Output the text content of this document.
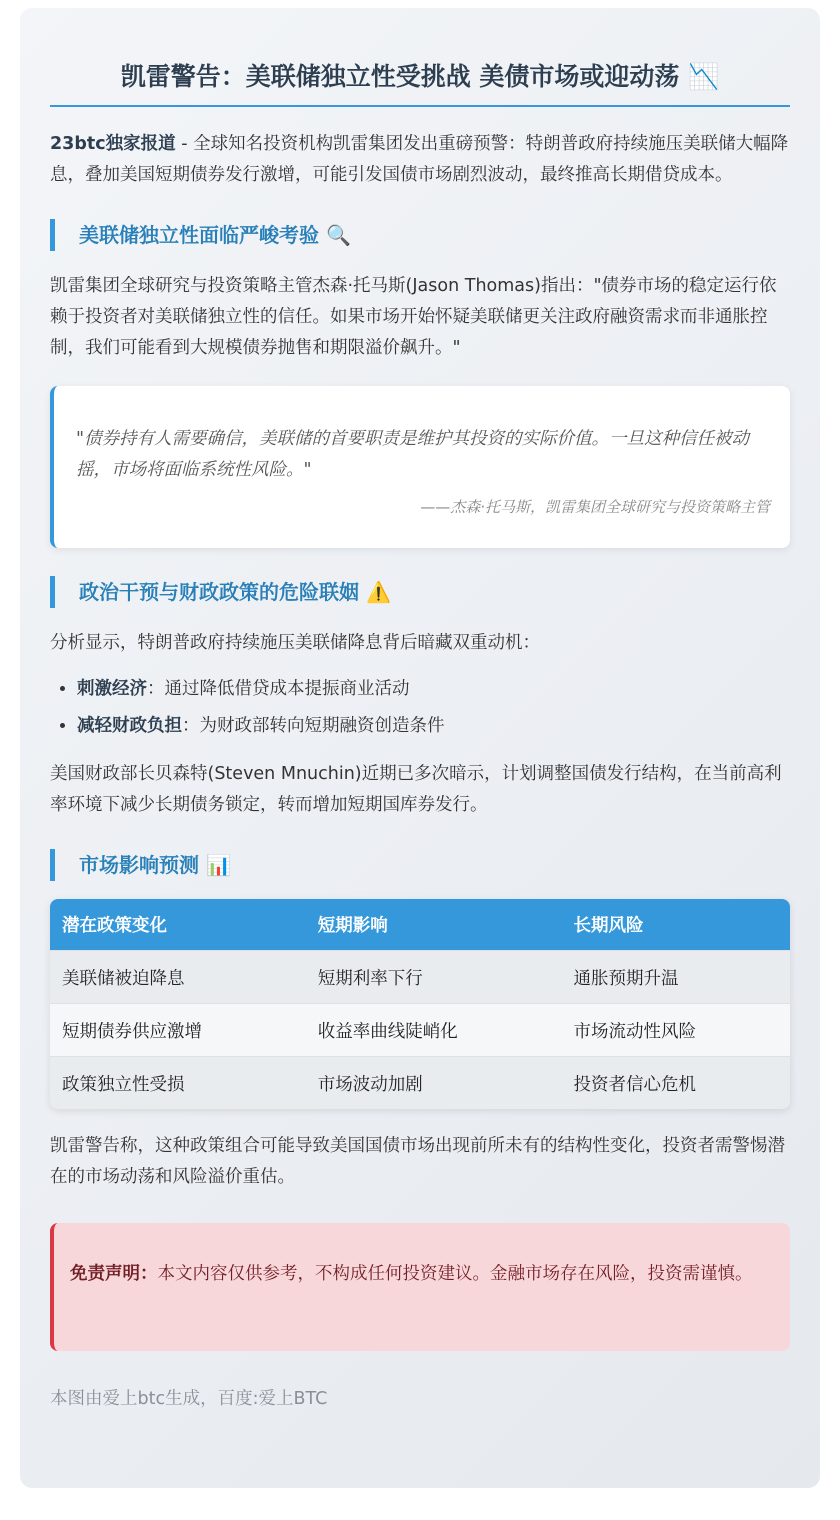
凯雷警告：美联储独立性受挑战 美债市场或迎动荡 📉

23btc独家报道 - 全球知名投资机构凯雷集团发出重磅预警：特朗普政府持续施压美联储大幅降息，叠加美国短期债券发行激增，可能引发国债市场剧烈波动，最终推高长期借贷成本。

美联储独立性面临严峻考验 🔍

凯雷集团全球研究与投资策略主管杰森·托马斯(Jason Thomas)指出："债券市场的稳定运行依赖于投资者对美联储独立性的信任。如果市场开始怀疑美联储更关注政府融资需求而非通胀控制，我们可能看到大规模债券抛售和期限溢价飙升。"

"债券持有人需要确信，美联储的首要职责是维护其投资的实际价值。一旦这种信任被动摇，市场将面临系统性风险。"
——杰森·托马斯，凯雷集团全球研究与投资策略主管
政治干预与财政政策的危险联姻 ⚠️

分析显示，特朗普政府持续施压美联储降息背后暗藏双重动机：

• 刺激经济：通过降低借贷成本提振商业活动
• 减轻财政负担：为财政部转向短期融资创造条件

美国财政部长贝森特(Steven Mnuchin)近期已多次暗示，计划调整国债发行结构，在当前高利率环境下减少长期债务锁定，转而增加短期国库券发行。

市场影响预测 📊
潜在政策变化	短期影响	长期风险
美联储被迫降息	短期利率下行	通胀预期升温
短期债券供应激增	收益率曲线陡峭化	市场流动性风险
政策独立性受损	市场波动加剧	投资者信心危机

凯雷警告称，这种政策组合可能导致美国国债市场出现前所未有的结构性变化，投资者需警惕潜在的市场动荡和风险溢价重估。

免责声明：本文内容仅供参考，不构成任何投资建议。金融市场存在风险，投资需谨慎。
本图由爱上btc生成，百度:爱上BTC
